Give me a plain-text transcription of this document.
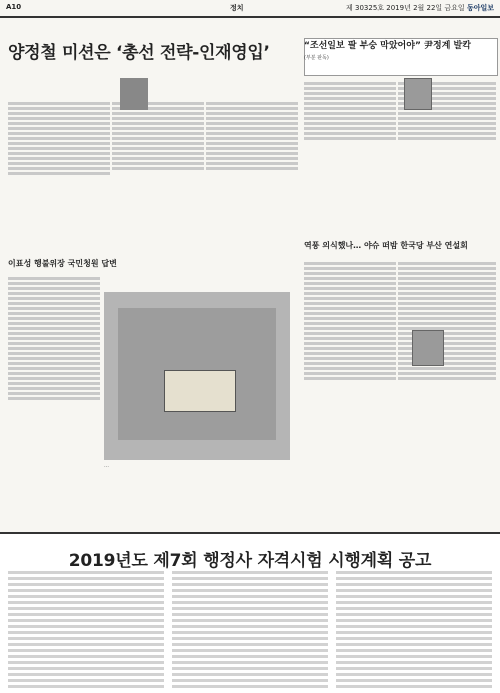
A10	정치	제 30325호 2019년 2월 22일 금요일 동아일보
양정철 미션은 ‘총선 전략-인재영입’	“조선일보 팔 부숭 막았어야” 尹정계 발칵
(부분 판독)
이표성 행불위장 국민청원 답변
…
역풍 의식했나… 야슈 떠밤 한국당 부산 연설회
2019년도 제7회 행정사 자격시험 시행계획 공고
